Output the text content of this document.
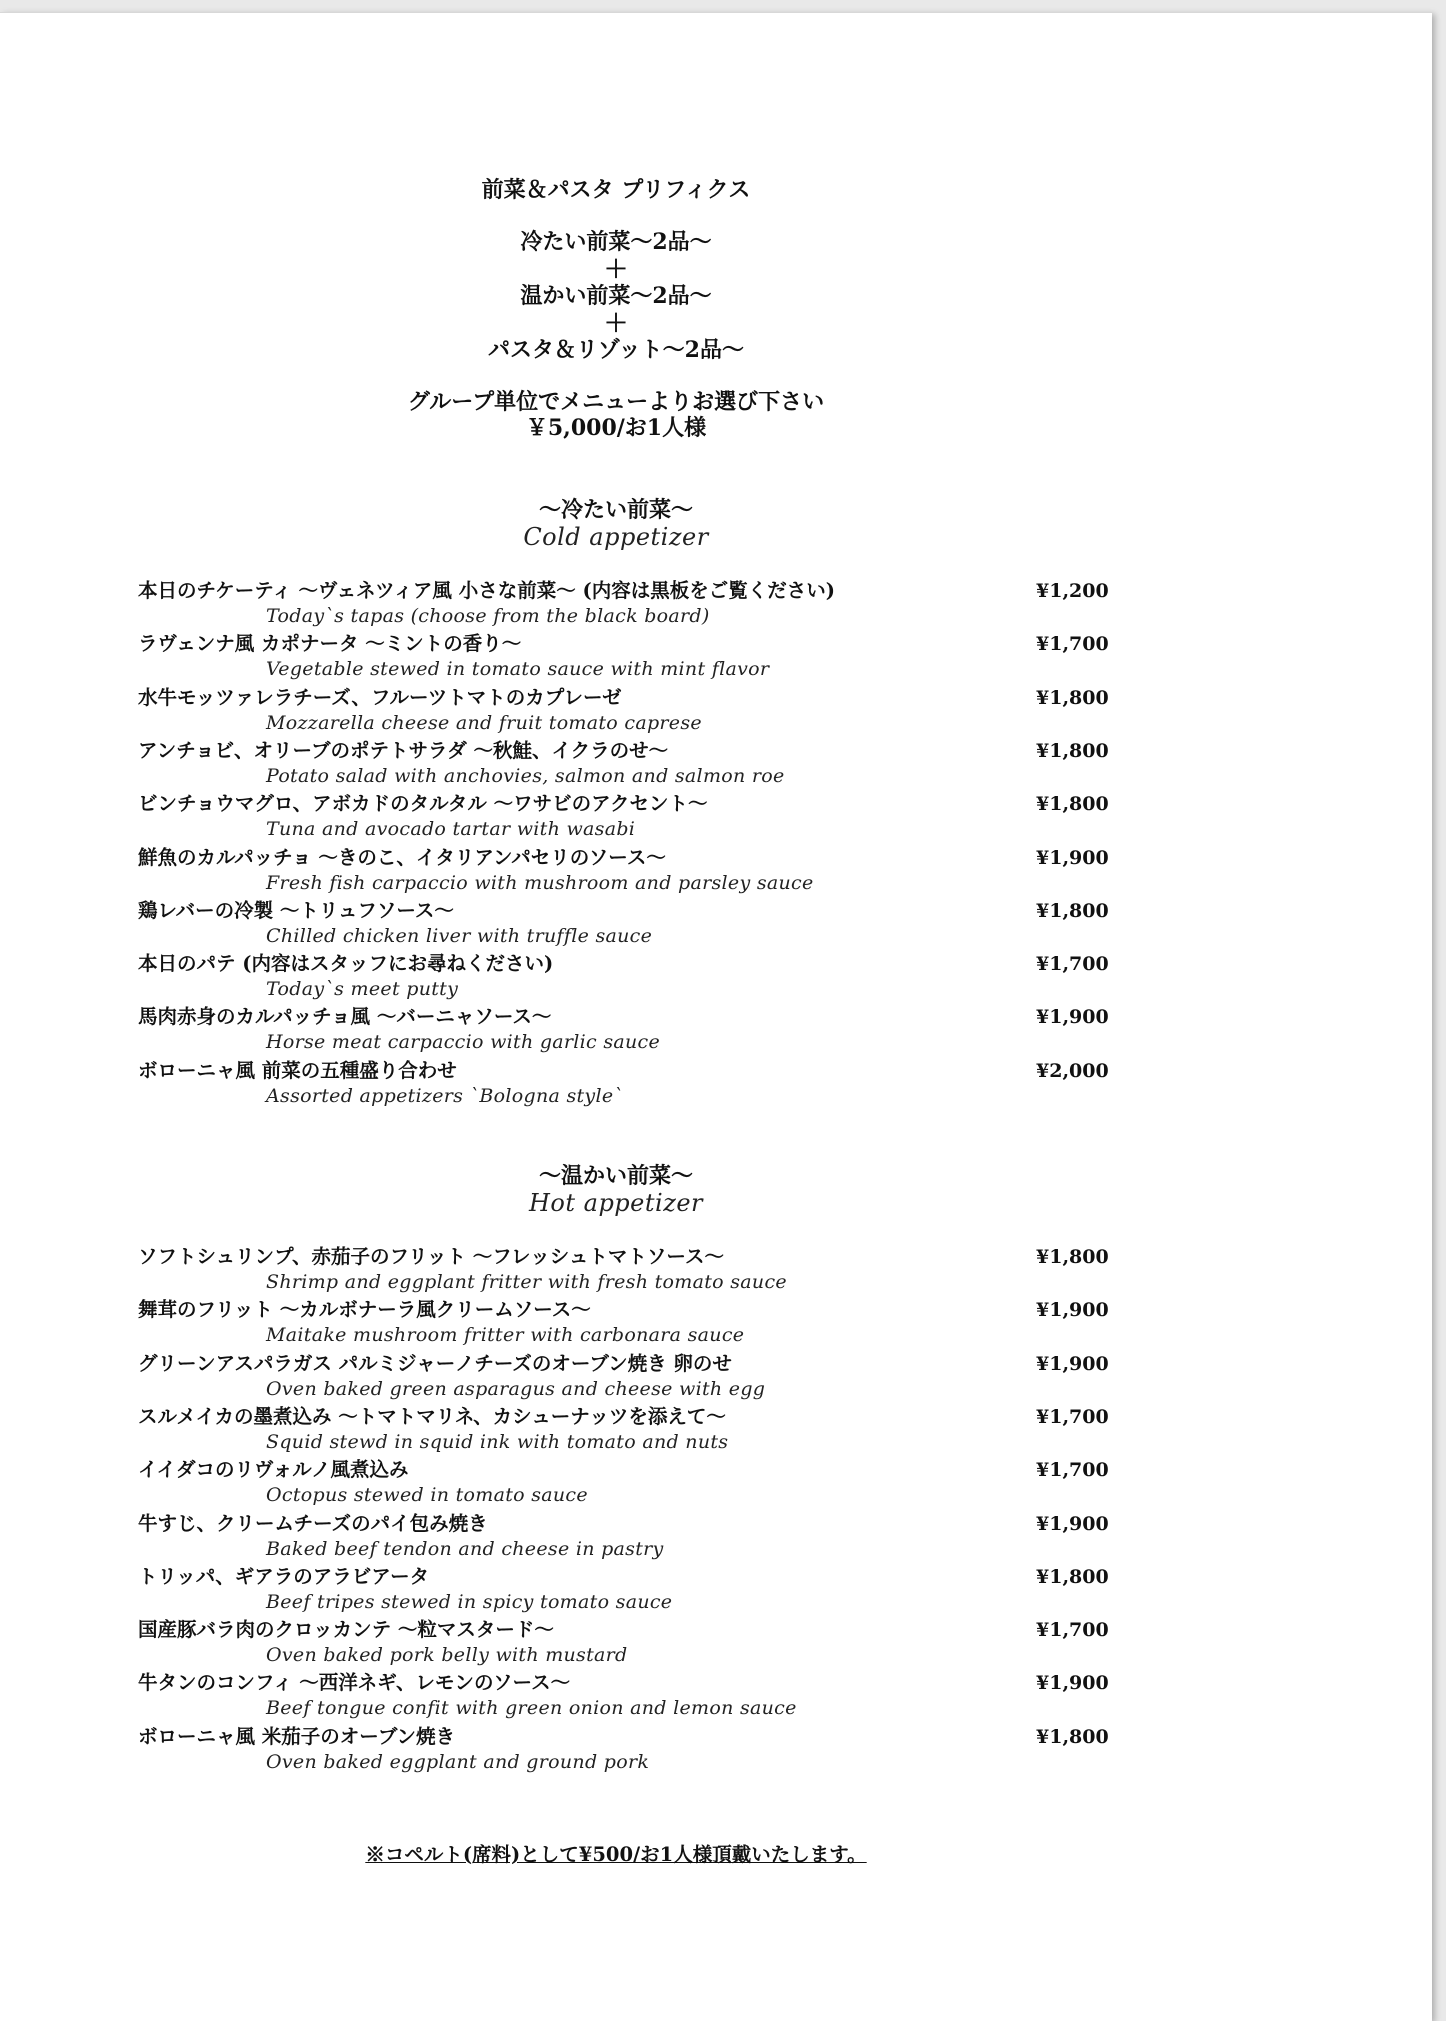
前菜＆パスタ プリフィクス
冷たい前菜～2品～
＋
温かい前菜～2品～
＋
パスタ＆リゾット～2品～
グループ単位でメニューよりお選び下さい
￥5,000/お1人様
～冷たい前菜～
Cold appetizer
本日のチケーティ ～ヴェネツィア風 小さな前菜～ (内容は黒板をご覧ください)
Today`s tapas (choose from the black board)
¥1,200
ラヴェンナ風 カポナータ ～ミントの香り～
Vegetable stewed in tomato sauce with mint flavor
¥1,700
水牛モッツァレラチーズ、フルーツトマトのカプレーゼ
Mozzarella cheese and fruit tomato caprese
¥1,800
アンチョビ、オリーブのポテトサラダ ～秋鮭、イクラのせ～
Potato salad with anchovies, salmon and salmon roe
¥1,800
ビンチョウマグロ、アボカドのタルタル ～ワサビのアクセント～
Tuna and avocado tartar with wasabi
¥1,800
鮮魚のカルパッチョ ～きのこ、イタリアンパセリのソース～
Fresh fish carpaccio with mushroom and parsley sauce
¥1,900
鶏レバーの冷製 ～トリュフソース～
Chilled chicken liver with truffle sauce
¥1,800
本日のパテ (内容はスタッフにお尋ねください)
Today`s meet putty
¥1,700
馬肉赤身のカルパッチョ風 ～バーニャソース～
Horse meat carpaccio with garlic sauce
¥1,900
ボローニャ風 前菜の五種盛り合わせ
Assorted appetizers `Bologna style`
¥2,000
～温かい前菜～
Hot appetizer
ソフトシュリンプ、赤茄子のフリット ～フレッシュトマトソース～
Shrimp and eggplant fritter with fresh tomato sauce
¥1,800
舞茸のフリット ～カルボナーラ風クリームソース～
Maitake mushroom fritter with carbonara sauce
¥1,900
グリーンアスパラガス パルミジャーノチーズのオーブン焼き 卵のせ
Oven baked green asparagus and cheese with egg
¥1,900
スルメイカの墨煮込み ～トマトマリネ、カシューナッツを添えて～
Squid stewd in squid ink with tomato and nuts
¥1,700
イイダコのリヴォルノ風煮込み
Octopus stewed in tomato sauce
¥1,700
牛すじ、クリームチーズのパイ包み焼き
Baked beef tendon and cheese in pastry
¥1,900
トリッパ、ギアラのアラビアータ
Beef tripes stewed in spicy tomato sauce
¥1,800
国産豚バラ肉のクロッカンテ ～粒マスタード～
Oven baked pork belly with mustard
¥1,700
牛タンのコンフィ ～西洋ネギ、レモンのソース～
Beef tongue confit with green onion and lemon sauce
¥1,900
ボローニャ風 米茄子のオーブン焼き
Oven baked eggplant and ground pork
¥1,800
※コペルト(席料)として¥500/お1人様頂戴いたします。
